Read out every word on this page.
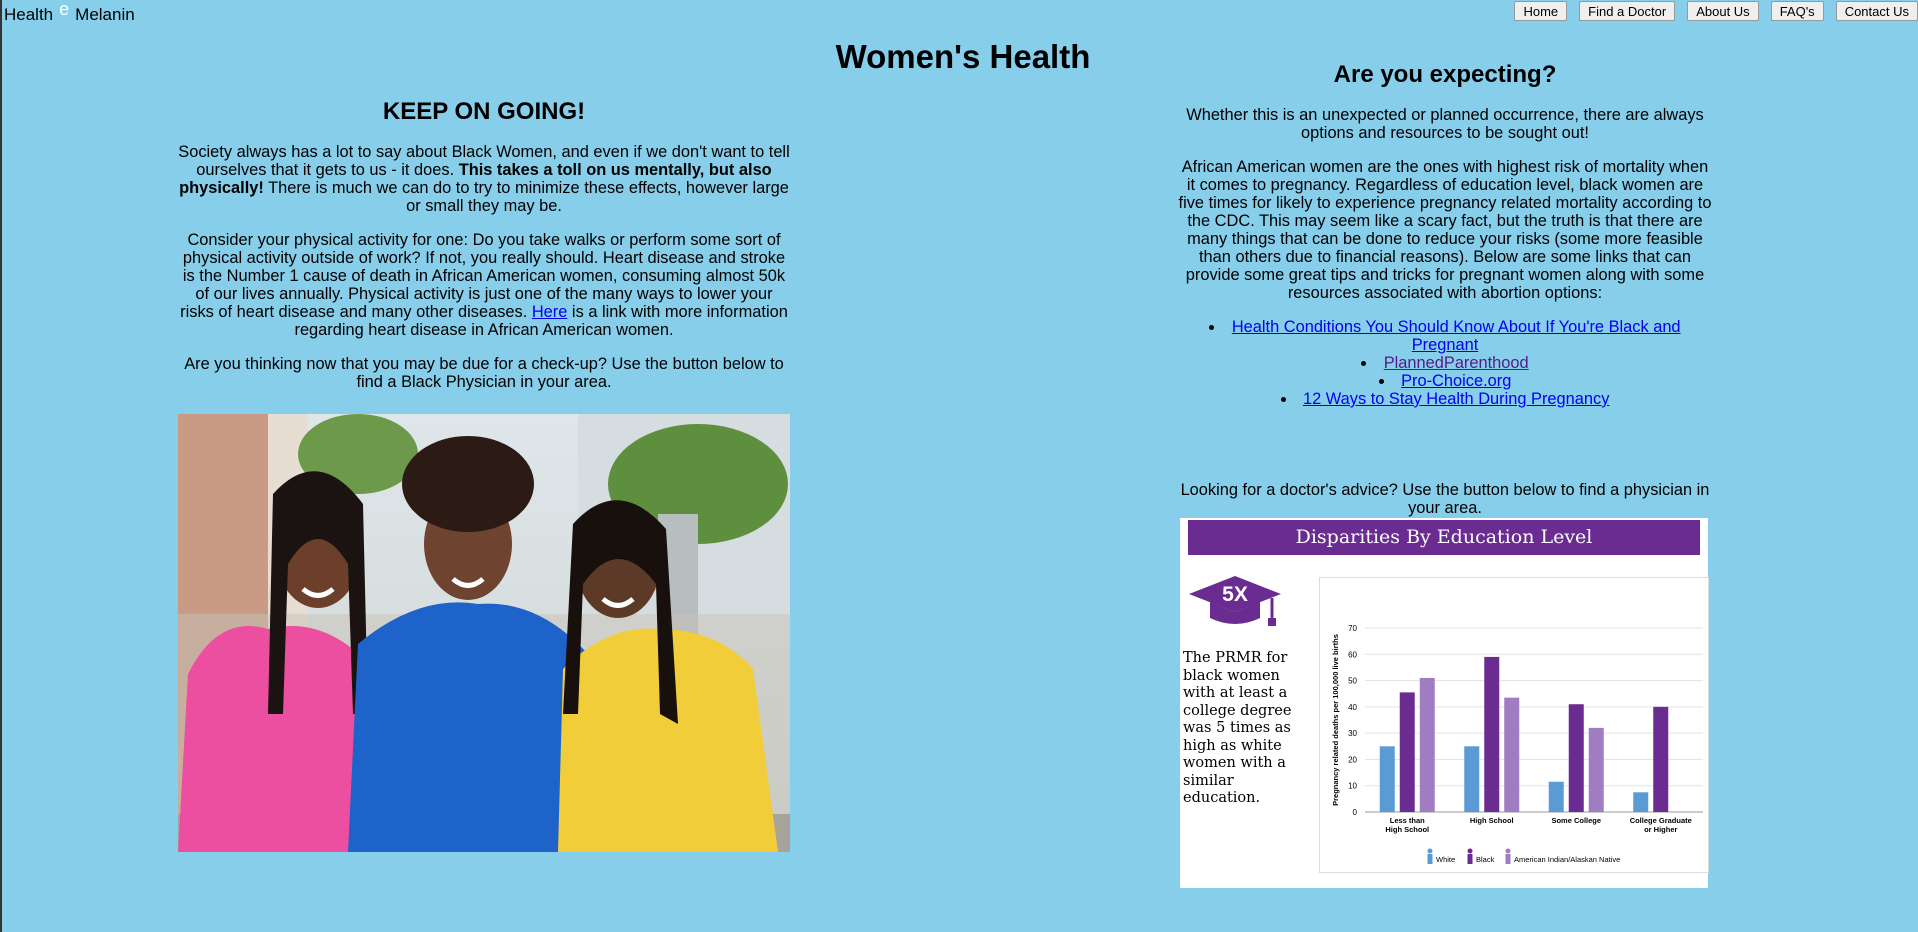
Health e Melanin	Home	Find a Doctor	About Us	FAQ's	Contact Us
Women's Health
KEEP ON GOING!

Society always has a lot to say about Black Women, and even if we don't want to tell ourselves that it gets to us - it does. This takes a toll on us mentally, but also physically! There is much we can do to try to minimize these effects, however large or small they may be.

Consider your physical activity for one: Do you take walks or perform some sort of physical activity outside of work? If not, you really should. Heart disease and stroke is the Number 1 cause of death in African American women, consuming almost 50k of our lives annually. Physical activity is just one of the many ways to lower your risks of heart disease and many other diseases. Here is a link with more information regarding heart disease in African American women.

Are you thinking now that you may be due for a check-up? Use the button below to find a Black Physician in your area.

Are you expecting?

Whether this is an unexpected or planned occurrence, there are always options and resources to be sought out!

African American women are the ones with highest risk of mortality when it comes to pregnancy. Regardless of education level, black women are five times for likely to experience pregnancy related mortality according to the CDC. This may seem like a scary fact, but the truth is that there are many things that can be done to reduce your risks (some more feasible than others due to financial reasons). Below are some links that can provide some great tips and tricks for pregnant women along with some resources associated with abortion options:

• Health Conditions You Should Know About If You're Black and Pregnant
• PlannedParenthood
• Pro-Choice.org
• 12 Ways to Stay Health During Pregnancy

Looking for a doctor's advice? Use the button below to find a physician in your area.

Disparities By Education Level
5X
The PRMR for black women with at least a college degree was 5 times as high as white women with a similar education.
0
10
20
30
40
50
60
70
Pregnancy related deaths per 100,000 live births
Less than
High School
High School	Some College	College Graduate
or Higher
White	Black	American Indian/Alaskan Native
